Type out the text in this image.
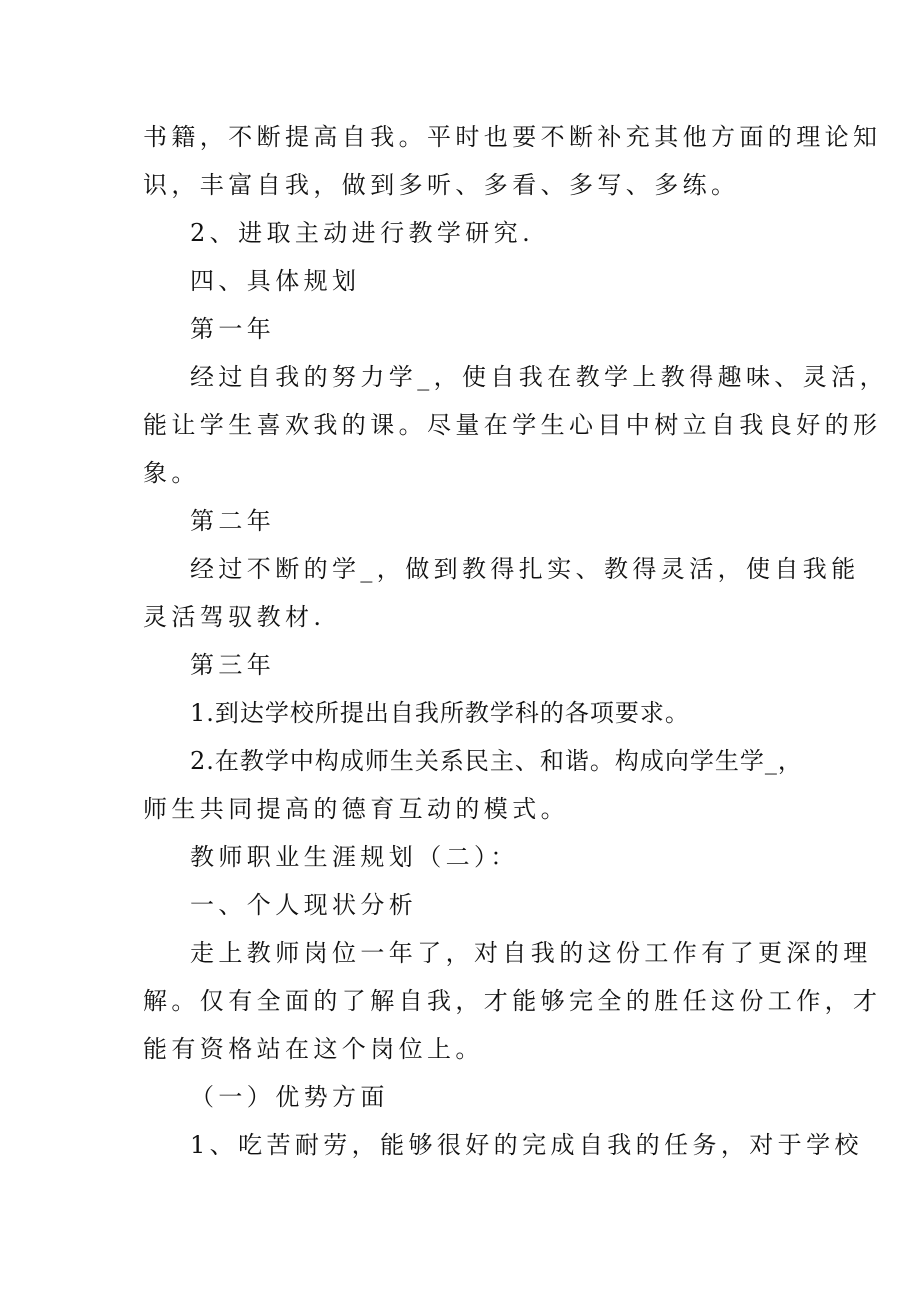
书籍，不断提高自我。平时也要不断补充其他方面的理论知
识，丰富自我，做到多听、多看、多写、多练。
2、进取主动进行教学研究.
四、具体规划
第一年
经过自我的努力学_，使自我在教学上教得趣味、灵活，
能让学生喜欢我的课。尽量在学生心目中树立自我良好的形
象。
第二年
经过不断的学_，做到教得扎实、教得灵活，使自我能
灵活驾驭教材.
第三年
1.到达学校所提出自我所教学科的各项要求。
2.在教学中构成师生关系民主、和谐。构成向学生学_，
师生共同提高的德育互动的模式。
教师职业生涯规划（二）：
一、个人现状分析
走上教师岗位一年了，对自我的这份工作有了更深的理
解。仅有全面的了解自我，才能够完全的胜任这份工作，才
能有资格站在这个岗位上。
（一）优势方面
1、吃苦耐劳，能够很好的完成自我的任务，对于学校
